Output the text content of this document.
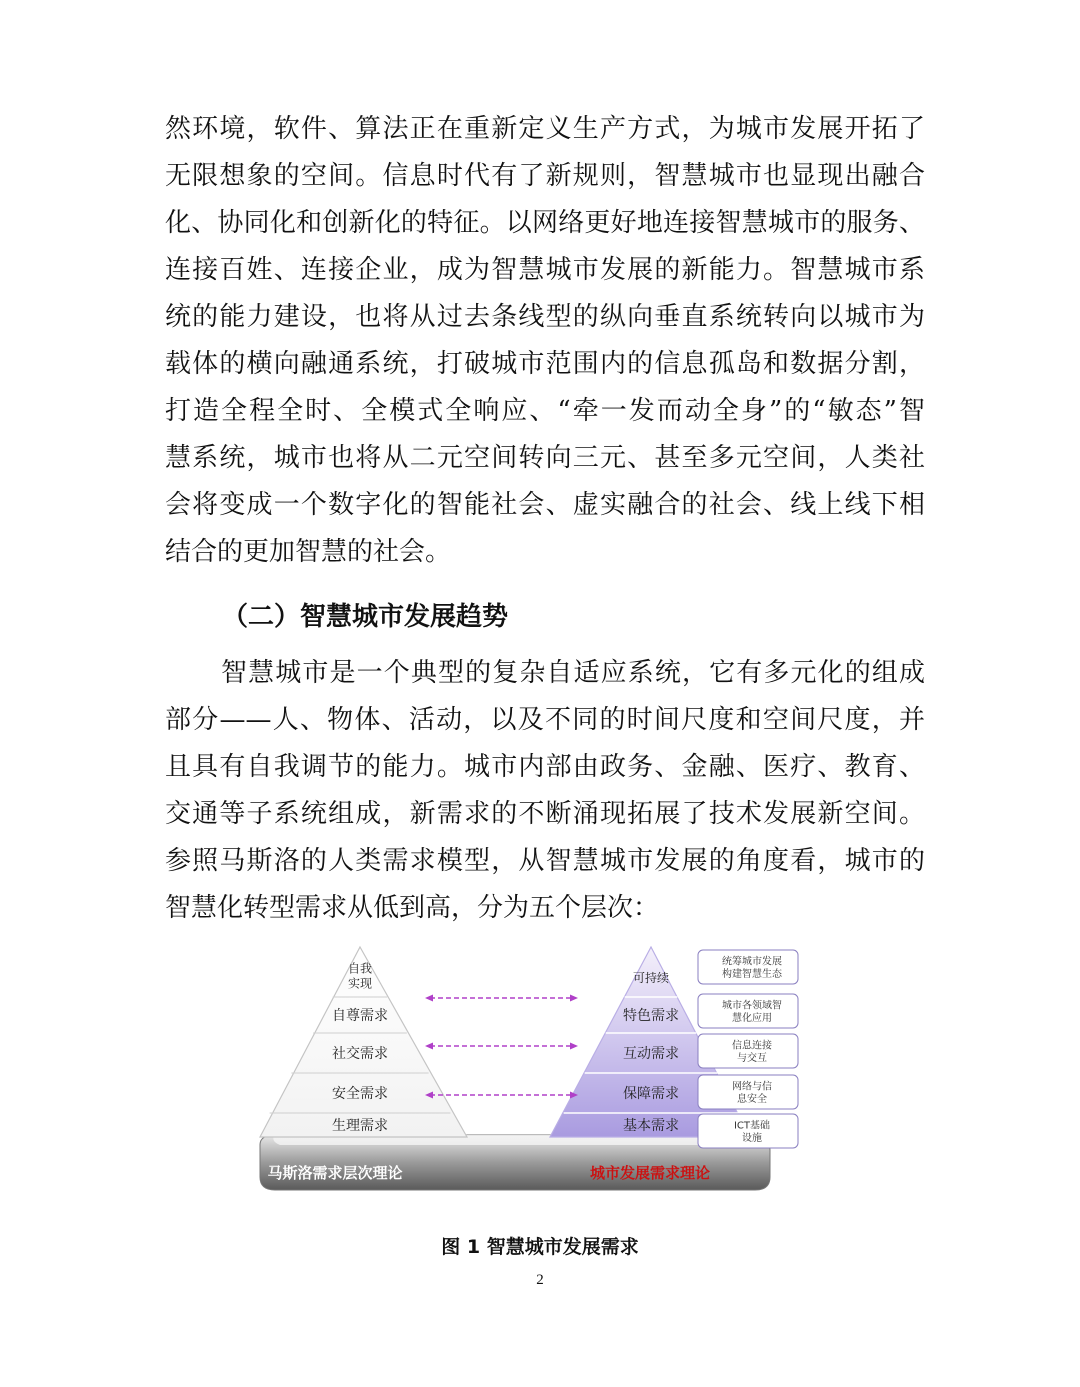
然环境，软件、算法正在重新定义生产方式，为城市发展开拓了
无限想象的空间。信息时代有了新规则，智慧城市也显现出融合
化、协同化和创新化的特征。以网络更好地连接智慧城市的服务、
连接百姓、连接企业，成为智慧城市发展的新能力。智慧城市系
统的能力建设，也将从过去条线型的纵向垂直系统转向以城市为
载体的横向融通系统，打破城市范围内的信息孤岛和数据分割，
打造全程全时、全模式全响应、“牵一发而动全身”的“敏态”智
慧系统，城市也将从二元空间转向三元、甚至多元空间，人类社
会将变成一个数字化的智能社会、虚实融合的社会、线上线下相
结合的更加智慧的社会。
（二）智慧城市发展趋势
智慧城市是一个典型的复杂自适应系统，它有多元化的组成
部分——人、物体、活动，以及不同的时间尺度和空间尺度，并
且具有自我调节的能力。城市内部由政务、金融、医疗、教育、
交通等子系统组成，新需求的不断涌现拓展了技术发展新空间。
参照马斯洛的人类需求模型，从智慧城市发展的角度看，城市的
智慧化转型需求从低到高，分为五个层次：
自我实现
自尊需求
社交需求
安全需求
生理需求
可持续
特色需求
互动需求
保障需求
基本需求
统筹城市发展构建智慧生态
城市各领域智慧化应用
信息连接与交互
网络与信息安全
ICT基础设施
马斯洛需求层次理论	城市发展需求理论
图 1 智慧城市发展需求
2
